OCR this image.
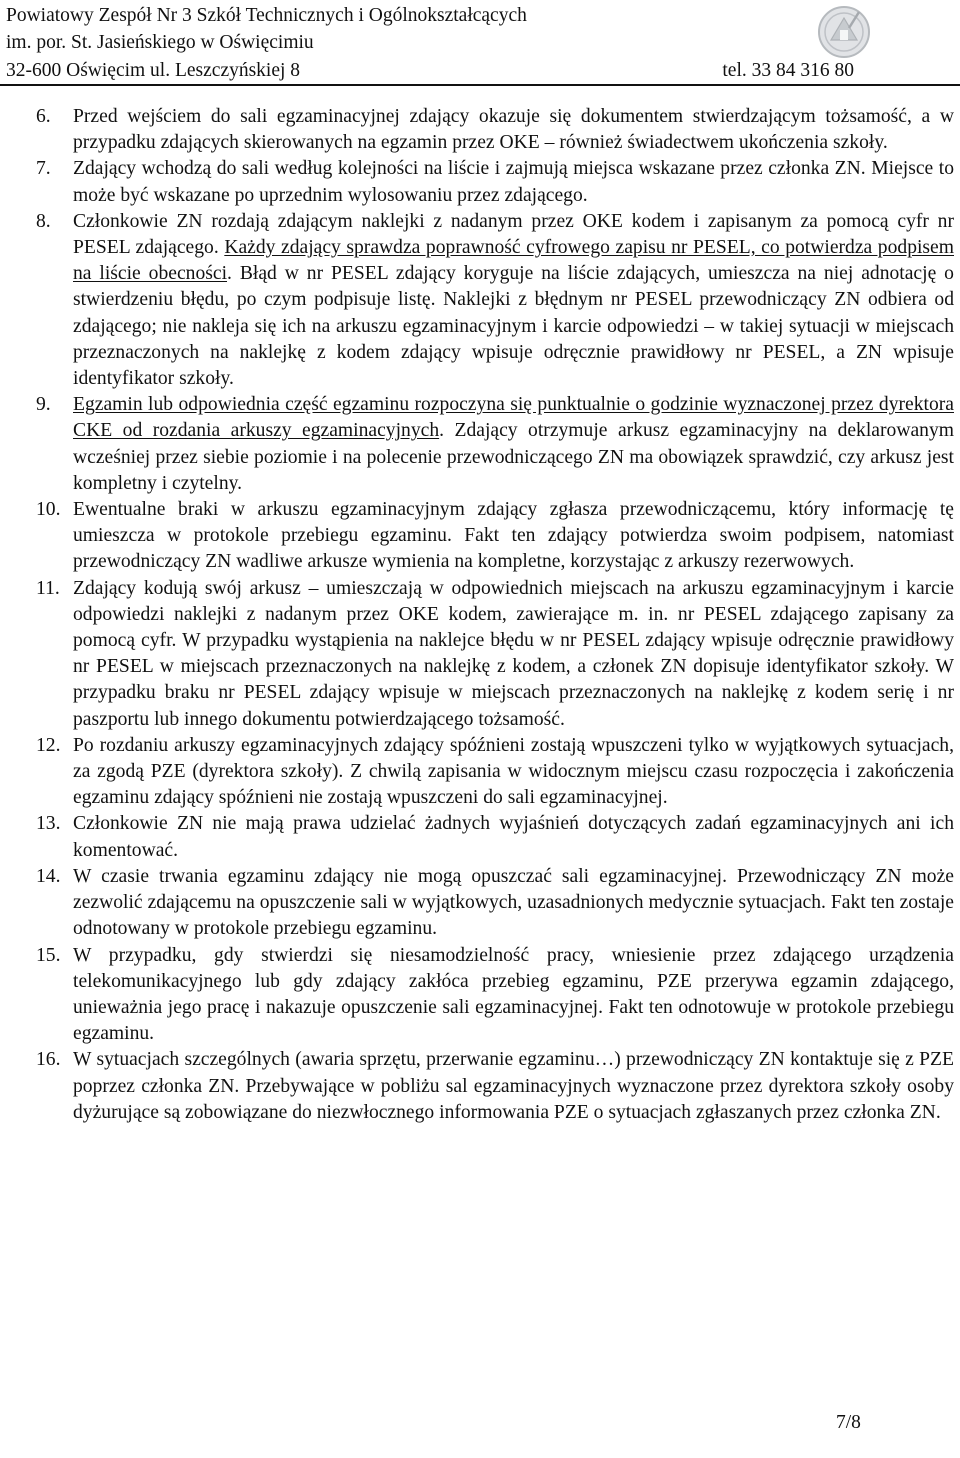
Powiatowy Zespół Nr 3 Szkół Technicznych i Ogólnokształcących
im. por. St. Jasieńskiego w Oświęcimiu
32-600 Oświęcim ul. Leszczyńskiej 8	tel. 33 84 316 80
6. Przed wejściem do sali egzaminacyjnej zdający okazuje się dokumentem stwierdzającym tożsamość, a w przypadku zdających skierowanych na egzamin przez OKE – również świadectwem ukończenia szkoły.

7. Zdający wchodzą do sali według kolejności na liście i zajmują miejsca wskazane przez członka ZN. Miejsce to może być wskazane po uprzednim wylosowaniu przez zdającego.

8. Członkowie ZN rozdają zdającym naklejki z nadanym przez OKE kodem i zapisanym za pomocą cyfr nr PESEL zdającego. Każdy zdający sprawdza poprawność cyfrowego zapisu nr PESEL, co potwierdza podpisem na liście obecności. Błąd w nr PESEL zdający koryguje na liście zdających, umieszcza na niej adnotację o stwierdzeniu błędu, po czym podpisuje listę. Naklejki z błędnym nr PESEL przewodniczący ZN odbiera od zdającego; nie nakleja się ich na arkuszu egzaminacyjnym i karcie odpowiedzi – w takiej sytuacji w miejscach przeznaczonych na naklejkę z kodem zdający wpisuje odręcznie prawidłowy nr PESEL, a ZN wpisuje identyfikator szkoły.

9. Egzamin lub odpowiednia część egzaminu rozpoczyna się punktualnie o godzinie wyznaczonej przez dyrektora CKE od rozdania arkuszy egzaminacyjnych. Zdający otrzymuje arkusz egzaminacyjny na deklarowanym wcześniej przez siebie poziomie i na polecenie przewodniczącego ZN ma obowiązek sprawdzić, czy arkusz jest kompletny i czytelny.

10. Ewentualne braki w arkuszu egzaminacyjnym zdający zgłasza przewodniczącemu, który informację tę umieszcza w protokole przebiegu egzaminu. Fakt ten zdający potwierdza swoim podpisem, natomiast przewodniczący ZN wadliwe arkusze wymienia na kompletne, korzystając z arkuszy rezerwowych.

11. Zdający kodują swój arkusz – umieszczają w odpowiednich miejscach na arkuszu egzaminacyjnym i karcie odpowiedzi naklejki z nadanym przez OKE kodem, zawierające m. in. nr PESEL zdającego zapisany za pomocą cyfr. W przypadku wystąpienia na naklejce błędu w nr PESEL zdający wpisuje odręcznie prawidłowy nr PESEL w miejscach przeznaczonych na naklejkę z kodem, a członek ZN dopisuje identyfikator szkoły. W przypadku braku nr PESEL zdający wpisuje w miejscach przeznaczonych na naklejkę z kodem serię i nr paszportu lub innego dokumentu potwierdzającego tożsamość.

12. Po rozdaniu arkuszy egzaminacyjnych zdający spóźnieni zostają wpuszczeni tylko w wyjątkowych sytuacjach, za zgodą PZE (dyrektora szkoły). Z chwilą zapisania w widocznym miejscu czasu rozpoczęcia i zakończenia egzaminu zdający spóźnieni nie zostają wpuszczeni do sali egzaminacyjnej.

13. Członkowie ZN nie mają prawa udzielać żadnych wyjaśnień dotyczących zadań egzaminacyjnych ani ich komentować.

14. W czasie trwania egzaminu zdający nie mogą opuszczać sali egzaminacyjnej. Przewodniczący ZN może zezwolić zdającemu na opuszczenie sali w wyjątkowych, uzasadnionych medycznie sytuacjach. Fakt ten zostaje odnotowany w protokole przebiegu egzaminu.

15. W przypadku, gdy stwierdzi się niesamodzielność pracy, wniesienie przez zdającego urządzenia telekomunikacyjnego lub gdy zdający zakłóca przebieg egzaminu, PZE przerywa egzamin zdającego, unieważnia jego pracę i nakazuje opuszczenie sali egzaminacyjnej. Fakt ten odnotowuje w protokole przebiegu egzaminu.

16. W sytuacjach szczególnych (awaria sprzętu, przerwanie egzaminu…) przewodniczący ZN kontaktuje się z PZE poprzez członka ZN. Przebywające w pobliżu sal egzaminacyjnych wyznaczone przez dyrektora szkoły osoby dyżurujące są zobowiązane do niezwłocznego informowania PZE o sytuacjach zgłaszanych przez członka ZN.

7/8
